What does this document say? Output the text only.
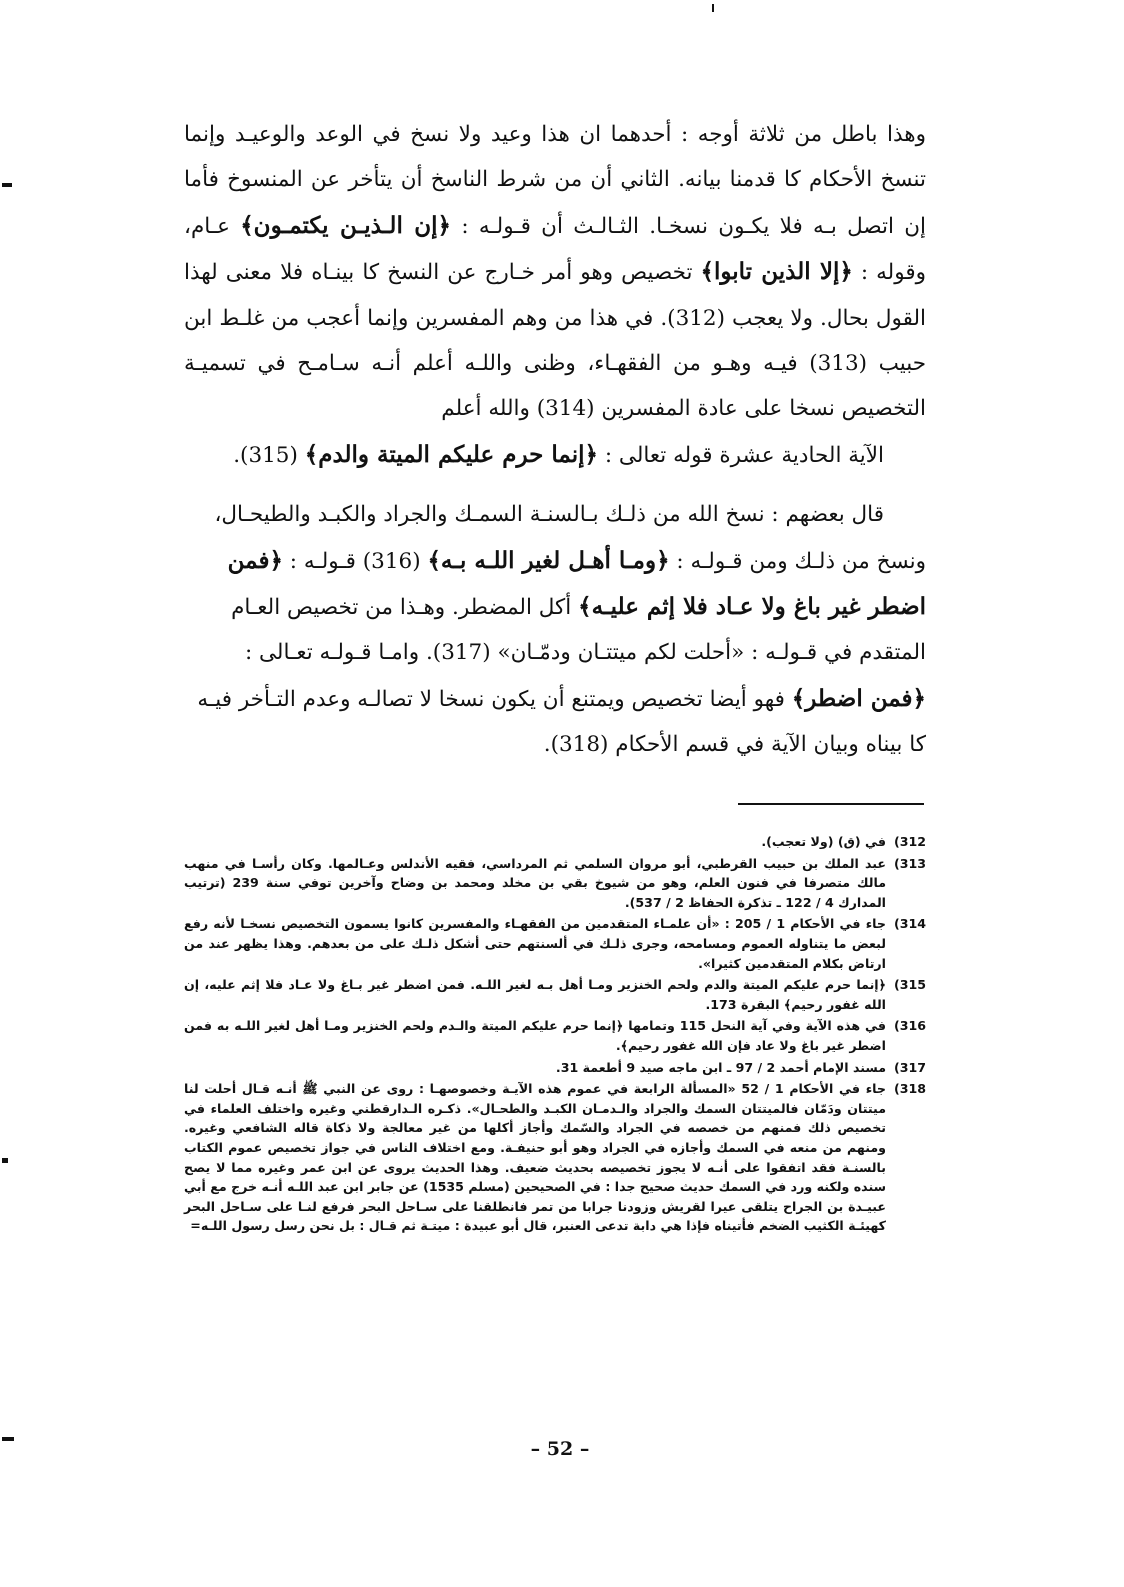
وهذا باطل من ثلاثة أوجه : أحدهما ان هذا وعيد ولا نسخ في الوعد والوعيـد وإنما تنسخ الأحكام كا قدمنا بيانه. الثاني أن من شرط الناسخ أن يتأخر عن المنسوخ فأما إن اتصل بـه فلا يكـون نسخـا. الثـالـث أن قـولـه : ﴿إن الـذيـن يكتمـون﴾ عـام، وقوله : ﴿إلا الذين تابوا﴾ تخصيص وهو أمر خـارج عن النسخ كا بينـاه فلا معنى لهذا القول بحال. ولا يعجب (312). في هذا من وهم المفسرين وإنما أعجب من غلـط ابن حبيب (313) فيـه وهـو من الفقهـاء، وظنى واللـه أعلم أنـه سـامـح في تسميـة التخصيص نسخا على عادة المفسرين (314) والله أعلم

الآية الحادية عشرة قوله تعالى : ﴿إنما حرم عليكم الميتة والدم﴾ (315).

قال بعضهم : نسخ الله من ذلـك بـالسنـة السمـك والجراد والكبـد والطيحـال، ونسخ من ذلـك ومن قـولـه : ﴿ومـا أهـل لغير اللـه بـه﴾ (316) قـولـه : ﴿فمن اضطر غير باغ ولا عـاد فلا إثم عليـه﴾ أكل المضطر. وهـذا من تخصيص العـام المتقدم في قـولـه : «أحلت لكم ميتتـان ودمّـان» (317). وامـا قـولـه تعـالى : ﴿فمن اضطر﴾ فهو أيضا تخصيص ويمتنع أن يكون نسخا لا تصالـه وعدم التـأخر فيـه كا بيناه وبيان الآية في قسم الأحكام (318).

312)
في (ق) (ولا تعجب).
313)
عبد الملك بن حبيب القرطبي، أبو مروان السلمي ثم المرداسي، فقيه الأندلس وعـالمها. وكان رأسـا في منهب مالك متصرفا في فنون العلم، وهو من شيوخ بقي بن مخلد ومحمد بن وضاح وآخرين توفي سنة 239 (ترتيب المدارك 4 / 122 ـ تذكرة الحفاظ 2 / 537).
314)
جاء في الأحكام 1 / 205 : «أن علمـاء المتقدمين من الفقهـاء والمفسرين كانوا يسمون التخصيص نسخـا لأنه رفع لبعض ما يتناوله العموم ومسامحه، وجرى ذلـك في ألسنتهم حتى أشكل ذلـك على من بعدهم. وهذا يظهر عند من ارتاض بكلام المتقدمين كثيرا».
315)
﴿إنما حرم عليكم الميتة والدم ولحم الخنزير ومـا أهل بـه لغير اللـه. فمن اضطر غير بـاغ ولا عـاد فلا إثم عليه، إن الله غفور رحيم﴾ البقرة 173.
316)
في هذه الآية وفي آية النحل 115 وتمامها ﴿إنما حرم عليكم الميتة والـدم ولحم الخنزير ومـا أهل لغير اللـه به فمن اضطر غير باغ ولا عاد فإن الله غفور رحيم﴾.
317)
مسند الإمام أحمد 2 / 97 ـ ابن ماجه صيد 9 أطعمة 31.
318)
جاء في الأحكام 1 / 52 «المسألة الرابعة في عموم هذه الآيـة وخصوصهـا : روى عن النبي ﷺ أنـه قـال أحلت لنا ميتتان ودَمّان فالميتتان السمك والجراد والـدمـان الكبـد والطحـال». ذكـره الـدارقطني وغيره واختلف العلماء في تخصيص ذلك فمنهم من خصصه في الجراد والسّمك وأجاز أكلها من غير معالجة ولا ذكاة قاله الشافعي وغيره. ومنهم من منعه في السمك وأجازه في الجراد وهو أبو حنيفـة. ومع اختلاف الناس في جواز تخصيص عموم الكتاب بالسنـة فقد اتفقوا على أنـه لا يجوز تخصيصه بحديث ضعيف. وهذا الحديث يروى عن ابن عمر وغيره مما لا يصح سنده ولكنه ورد في السمك حديث صحيح جدا : في الصحيحين (مسلم 1535) عن جابر ابن عبد اللـه أنـه خرج مع أبي عبيـدة بن الجراح يتلقى عيرا لقريش وزودنا جرابا من تمر فانطلقنا على سـاحل البحر فرفع لنـا على سـاحل البحر كهيئـة الكثيب الضخم فأتيناه فإذا هي دابة تدعى العنبر، قال أبو عبيدة : ميتـة ثم قـال : بل نحن رسل رسول اللـه=
– 52 –
